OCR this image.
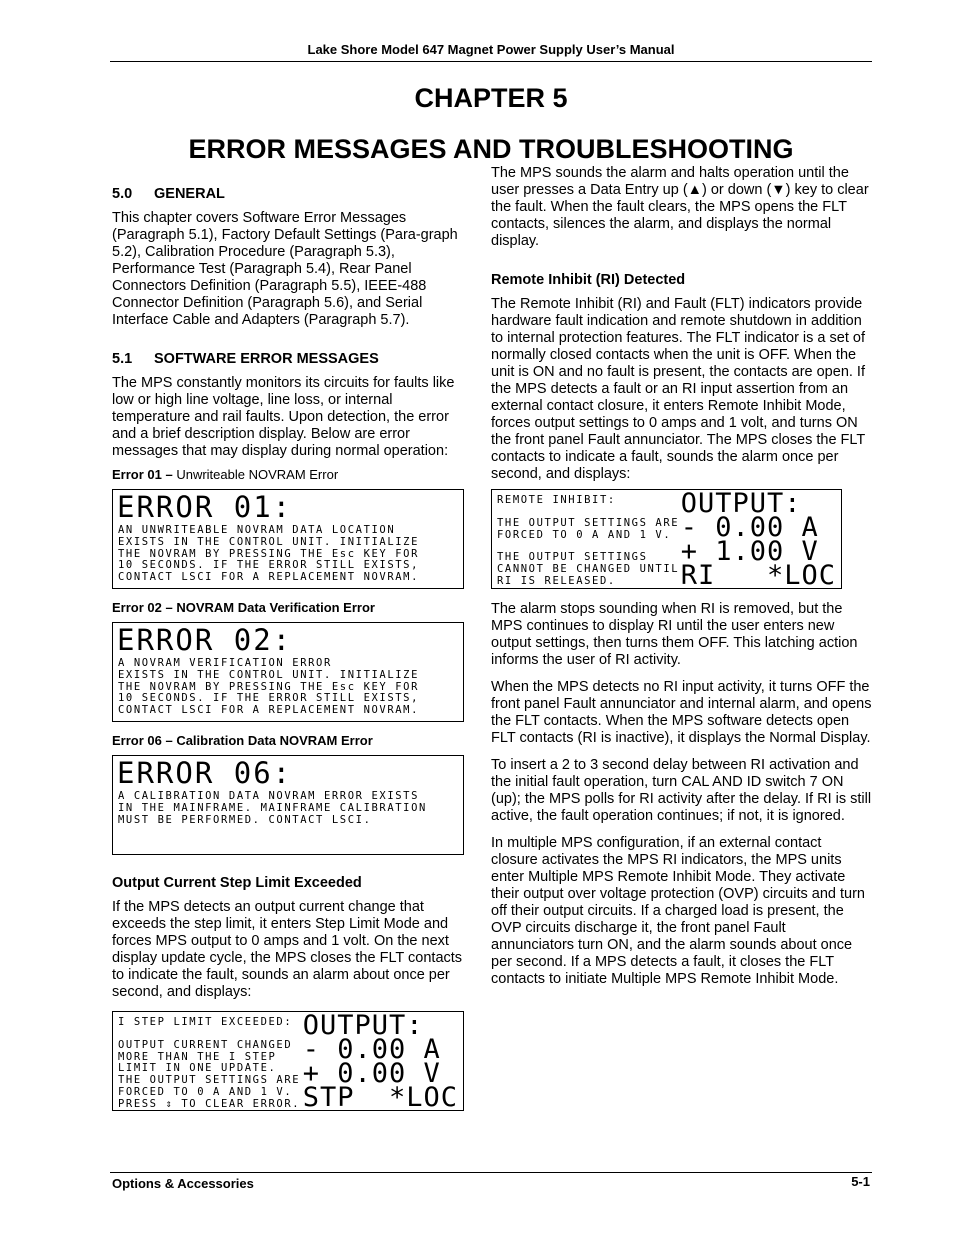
Lake Shore Model 647 Magnet Power Supply User’s Manual
CHAPTER 5
ERROR MESSAGES AND TROUBLESHOOTING
5.0 GENERAL

This chapter covers Software Error Messages (Paragraph 5.1), Factory Default Settings (Para-graph 5.2), Calibration Procedure (Paragraph 5.3), Performance Test (Paragraph 5.4), Rear Panel Connectors Definition (Paragraph 5.5), IEEE-488 Connector Definition (Paragraph 5.6), and Serial Interface Cable and Adapters (Paragraph 5.7).

5.1 SOFTWARE ERROR MESSAGES

The MPS constantly monitors its circuits for faults like low or high line voltage, line loss, or internal temperature and rail faults. Upon detection, the error and a brief description display. Below are error messages that may display during normal operation:

Error 01 – Unwriteable NOVRAM Error
ERROR 01:
AN UNWRITEABLE NOVRAM DATA LOCATION
EXISTS IN THE CONTROL UNIT. INITIALIZE
THE NOVRAM BY PRESSING THE Esc KEY FOR
10 SECONDS. IF THE ERROR STILL EXISTS,
CONTACT LSCI FOR A REPLACEMENT NOVRAM.
Error 02 – NOVRAM Data Verification Error
ERROR 02:
A NOVRAM VERIFICATION ERROR
EXISTS IN THE CONTROL UNIT. INITIALIZE
THE NOVRAM BY PRESSING THE Esc KEY FOR
10 SECONDS. IF THE ERROR STILL EXISTS,
CONTACT LSCI FOR A REPLACEMENT NOVRAM.
Error 06 – Calibration Data NOVRAM Error
ERROR 06:
A CALIBRATION DATA NOVRAM ERROR EXISTS
IN THE MAINFRAME. MAINFRAME CALIBRATION
MUST BE PERFORMED. CONTACT LSCI.
Output Current Step Limit Exceeded

If the MPS detects an output current change that exceeds the step limit, it enters Step Limit Mode and forces MPS output to 0 amps and 1 volt. On the next display update cycle, the MPS closes the FLT contacts to indicate the fault, sounds an alarm about once per second, and displays:

I STEP LIMIT EXCEEDED:
OUTPUT CURRENT CHANGED
MORE THAN THE I STEP
LIMIT IN ONE UPDATE.
THE OUTPUT SETTINGS ARE
FORCED TO 0 A AND 1 V.
PRESS ⇕ TO CLEAR ERROR.
OUTPUT:
- 0.00 A
+ 0.00 V
STP  *LOC

The MPS sounds the alarm and halts operation until the user presses a Data Entry up (▲) or down (▼) key to clear the fault. When the fault clears, the MPS opens the FLT contacts, silences the alarm, and displays the normal display.

Remote Inhibit (RI) Detected

The Remote Inhibit (RI) and Fault (FLT) indicators provide hardware fault indication and remote shutdown in addition to internal protection features. The FLT indicator is a set of normally closed contacts when the unit is OFF. When the unit is ON and no fault is present, the contacts are open. If the MPS detects a fault or an RI input assertion from an external contact closure, it enters Remote Inhibit Mode, forces output settings to 0 amps and 1 volt, and turns ON the front panel Fault annunciator. The MPS closes the FLT contacts to indicate a fault, sounds the alarm once per second, and displays:

REMOTE INHIBIT:
THE OUTPUT SETTINGS ARE
FORCED TO 0 A AND 1 V.
THE OUTPUT SETTINGS
CANNOT BE CHANGED UNTIL
RI IS RELEASED.
OUTPUT:
- 0.00 A
+ 1.00 V
RI   *LOC

The alarm stops sounding when RI is removed, but the MPS continues to display RI until the user enters new output settings, then turns them OFF. This latching action informs the user of RI activity.

When the MPS detects no RI input activity, it turns OFF the front panel Fault annunciator and internal alarm, and opens the FLT contacts. When the MPS software detects open FLT contacts (RI is inactive), it displays the Normal Display.

To insert a 2 to 3 second delay between RI activation and the initial fault operation, turn CAL AND ID switch 7 ON (up); the MPS polls for RI activity after the delay. If RI is still active, the fault operation continues; if not, it is ignored.

In multiple MPS configuration, if an external contact closure activates the MPS RI indicators, the MPS units enter Multiple MPS Remote Inhibit Mode. They activate their output over voltage protection (OVP) circuits and turn off their output circuits. If a charged load is present, the OVP circuits discharge it, the front panel Fault annunciators turn ON, and the alarm sounds about once per second. If a MPS detects a fault, it closes the FLT contacts to initiate Multiple MPS Remote Inhibit Mode.

Options & Accessories	5-1
